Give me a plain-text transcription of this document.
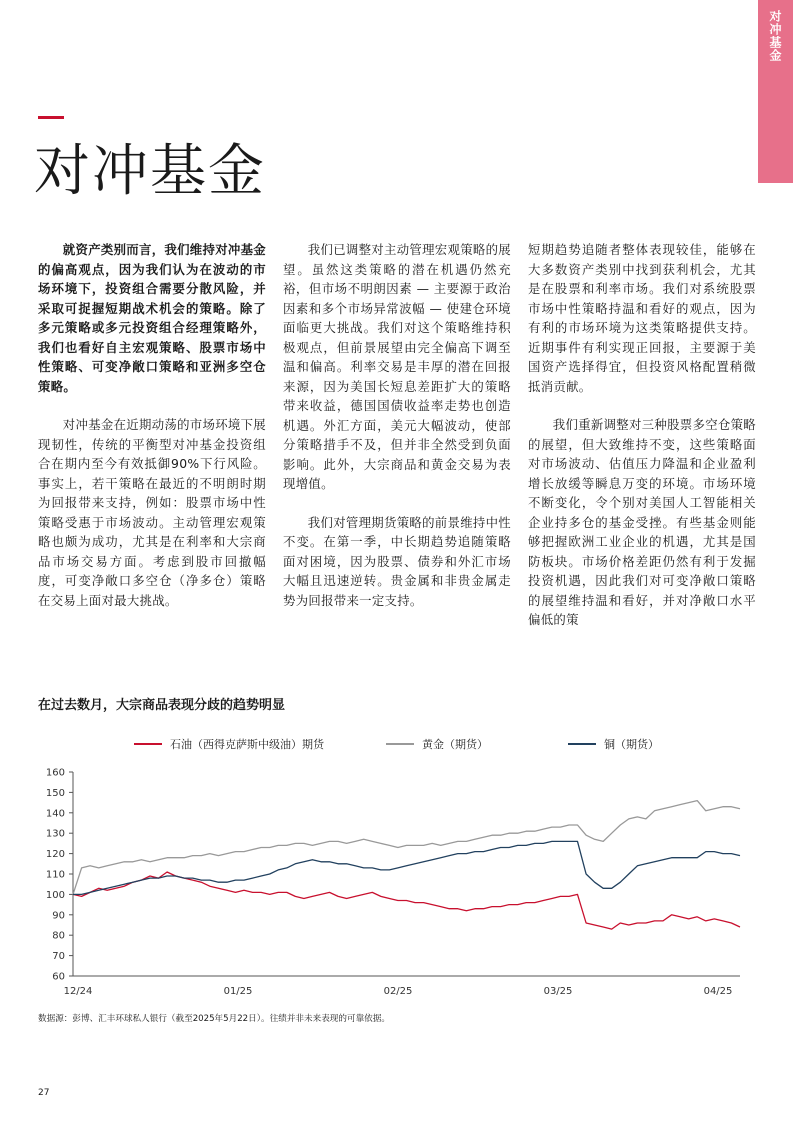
对冲基金
对冲基金

就资产类别而言，我们维持对冲基金的偏高观点，因为我们认为在波动的市场环境下，投资组合需要分散风险，并采取可捉握短期战术机会的策略。除了多元策略或多元投资组合经理策略外，我们也看好自主宏观策略、股票市场中性策略、可变净敞口策略和亚洲多空仓策略。

对冲基金在近期动荡的市场环境下展现韧性，传统的平衡型对冲基金投资组合在期内至今有效抵御90%下行风险。事实上，若干策略在最近的不明朗时期为回报带来支持，例如：股票市场中性策略受惠于市场波动。主动管理宏观策略也颇为成功，尤其是在利率和大宗商品市场交易方面。考虑到股市回撤幅度，可变净敞口多空仓（净多仓）策略在交易上面对最大挑战。

我们已调整对主动管理宏观策略的展望。虽然这类策略的潜在机遇仍然充裕，但市场不明朗因素 — 主要源于政治因素和多个市场异常波幅 — 使建仓环境面临更大挑战。我们对这个策略维持积极观点，但前景展望由完全偏高下调至温和偏高。利率交易是丰厚的潜在回报来源，因为美国长短息差距扩大的策略带来收益，德国国债收益率走势也创造机遇。外汇方面，美元大幅波动，使部分策略措手不及，但并非全然受到负面影响。此外，大宗商品和黄金交易为表现增值。

我们对管理期货策略的前景维持中性不变。在第一季，中长期趋势追随策略面对困境，因为股票、债券和外汇市场大幅且迅速逆转。贵金属和非贵金属走势为回报带来一定支持。

短期趋势追随者整体表现较佳，能够在大多数资产类别中找到获利机会，尤其是在股票和利率市场。我们对系统股票市场中性策略持温和看好的观点，因为有利的市场环境为这类策略提供支持。近期事件有利实现正回报，主要源于美国资产选择得宜，但投资风格配置稍微抵消贡献。

我们重新调整对三种股票多空仓策略的展望，但大致维持不变，这些策略面对市场波动、估值压力降温和企业盈利增长放缓等瞬息万变的环境。市场环境不断变化，令个别对美国人工智能相关企业持多仓的基金受挫。有些基金则能够把握欧洲工业企业的机遇，尤其是国防板块。市场价格差距仍然有利于发掘投资机遇，因此我们对可变净敞口策略的展望维持温和看好，并对净敞口水平偏低的策

在过去数月，大宗商品表现分歧的趋势明显
石油（西得克萨斯中级油）期货	黄金（期货）	铜（期货）
60
70
80
90
100
110
120
130
140
150
160
12/24	01/25	02/25	03/25	04/25

数据源：彭博、汇丰环球私人银行（截至2025年5月22日）。往绩并非未来表现的可靠依据。

27
